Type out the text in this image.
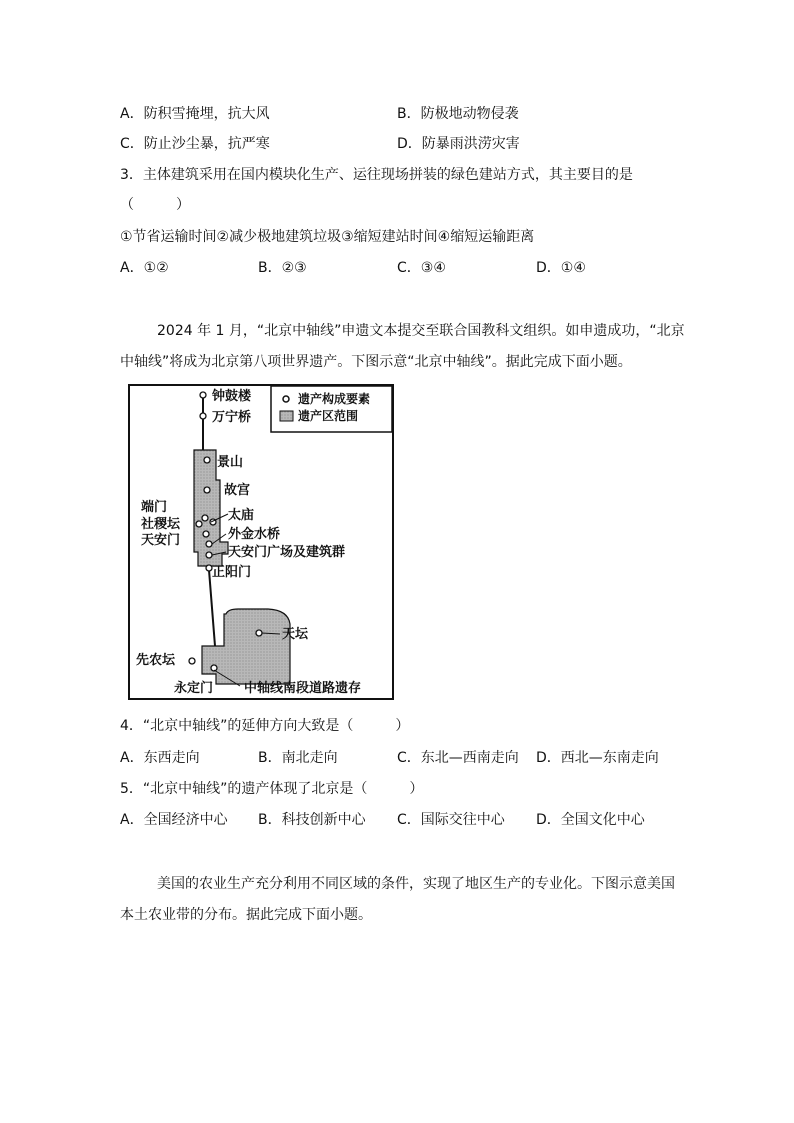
A．防积雪掩埋，抗大风	B．防极地动物侵袭
C．防止沙尘暴，抗严寒	D．防暴雨洪涝灾害
3．主体建筑采用在国内模块化生产、运往现场拼装的绿色建站方式，其主要目的是
（　　　）
①节省运输时间②减少极地建筑垃圾③缩短建站时间④缩短运输距离
A．①②	B．②③	C．③④	D．①④
2024 年 1 月，“北京中轴线”申遗文本提交至联合国教科文组织。如申遗成功，“北京
中轴线”将成为北京第八项世界遗产。下图示意“北京中轴线”。据此完成下面小题。
遗产构成要素
遗产区范围
钟鼓楼
万宁桥
景山
故宫
端门
太庙
社稷坛
外金水桥
天安门
天安门广场及建筑群
正阳门
天坛
先农坛
永定门 中轴线南段道路遗存
4．“北京中轴线”的延伸方向大致是（　　　）
A．东西走向	B．南北走向	C．东北—西南走向 D．西北—东南走向
5．“北京中轴线”的遗产体现了北京是（　　　）
A．全国经济中心 B．科技创新中心 C．国际交往中心 D．全国文化中心
美国的农业生产充分利用不同区域的条件，实现了地区生产的专业化。下图示意美国
本土农业带的分布。据此完成下面小题。
